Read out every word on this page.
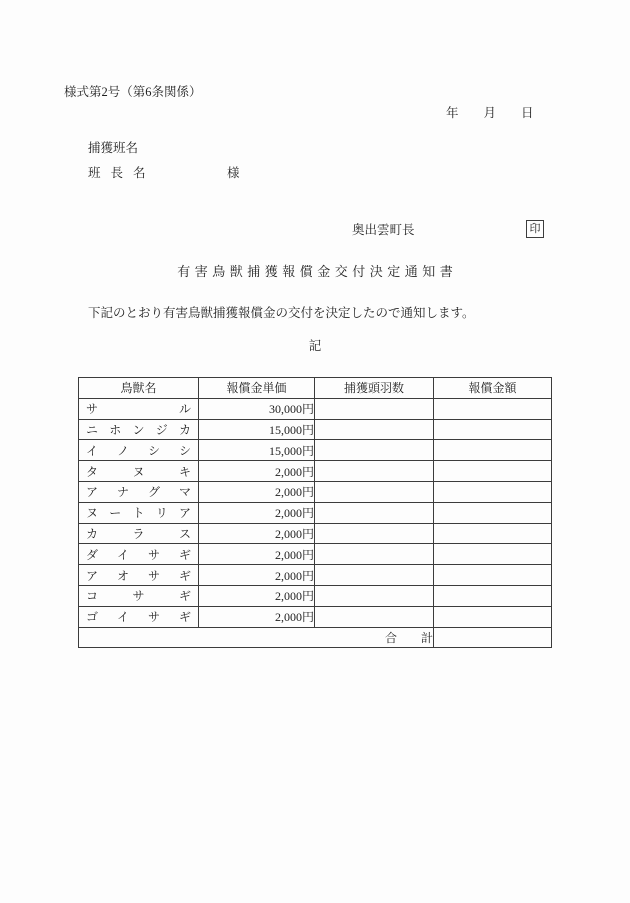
様式第2号（第6条関係）
年　　月　　日
捕獲班名
班長名	様
奥出雲町長	印
有害鳥獣捕獲報償金交付決定通知書
下記のとおり有害鳥獣捕獲報償金の交付を決定したので通知します。
記
鳥獣名	報償金単価	捕獲頭羽数	報償金額

サ ル	30,000円		

ニ ホ ン ジ カ	15,000円		

イ ノ シ シ	15,000円		

タ ヌ キ	2,000円		

ア ナ グ マ	2,000円		

ヌ ー ト リ ア	2,000円		

カ ラ ス	2,000円		

ダ イ サ ギ	2,000円		

ア オ サ ギ	2,000円		

コ サ ギ	2,000円		

ゴ イ サ ギ	2,000円		
合　　計			
